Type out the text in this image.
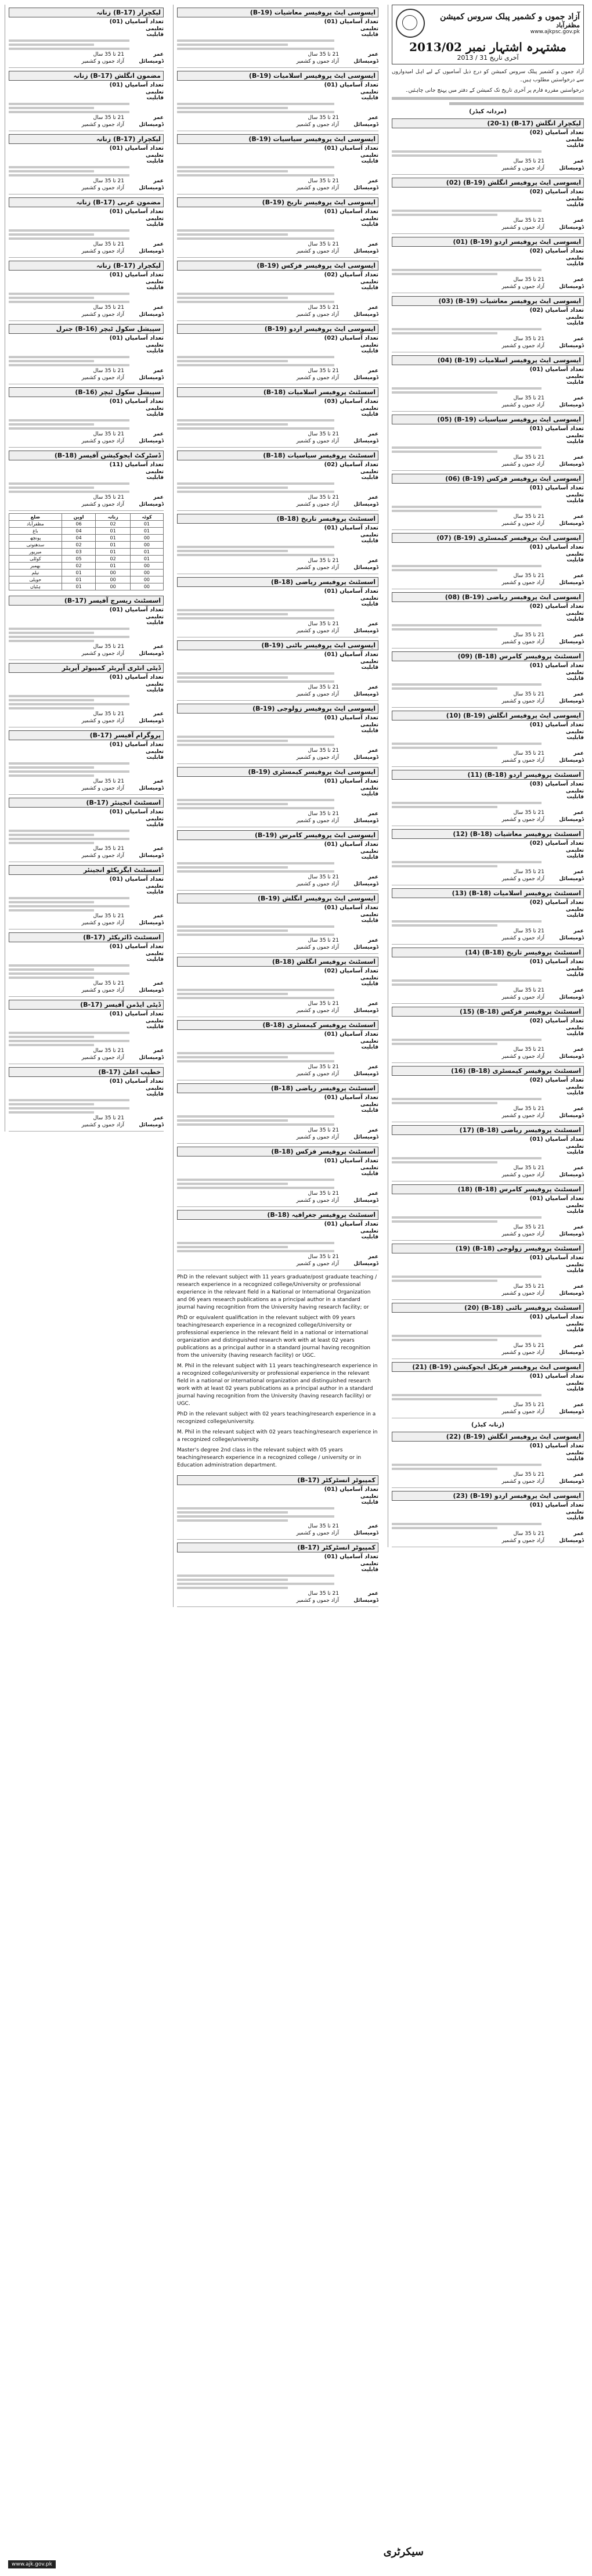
آزاد جموں و کشمیر پبلک سروس کمیشن
مظفرآباد
www.ajkpsc.gov.pk
مشتہرہ اشتہار نمبر 2013/02
آخری تاریخ 31 / 2013

آزاد جموں و کشمیر پبلک سروس کمیشن کو درج ذیل آسامیوں کے لیے اہل امیدواروں سے درخواستیں مطلوب ہیں۔

درخواستیں مقررہ فارم پر آخری تاریخ تک کمیشن کے دفتر میں پہنچ جانی چاہئیں۔

(مردانہ کیڈر)
لیکچرار انگلش (B-17) (20-1)
تعداد آسامیاں (02)
تعلیمی قابلیت
عمر
21 تا 35 سال
ڈومیسائل
آزاد جموں و کشمیر
ایسوسی ایٹ پروفیسر انگلش (B-19) (02)
تعداد آسامیاں (02)
تعلیمی قابلیت
عمر
21 تا 35 سال
ڈومیسائل
آزاد جموں و کشمیر
ایسوسی ایٹ پروفیسر اردو (B-19) (01)
تعداد آسامیاں (02)
تعلیمی قابلیت
عمر
21 تا 35 سال
ڈومیسائل
آزاد جموں و کشمیر
ایسوسی ایٹ پروفیسر معاشیات (B-19) (03)
تعداد آسامیاں (02)
تعلیمی قابلیت
عمر
21 تا 35 سال
ڈومیسائل
آزاد جموں و کشمیر
ایسوسی ایٹ پروفیسر اسلامیات (B-19) (04)
تعداد آسامیاں (01)
تعلیمی قابلیت
عمر
21 تا 35 سال
ڈومیسائل
آزاد جموں و کشمیر
ایسوسی ایٹ پروفیسر سیاسیات (B-19) (05)
تعداد آسامیاں (01)
تعلیمی قابلیت
عمر
21 تا 35 سال
ڈومیسائل
آزاد جموں و کشمیر
ایسوسی ایٹ پروفیسر فزکس (B-19) (06)
تعداد آسامیاں (01)
تعلیمی قابلیت
عمر
21 تا 35 سال
ڈومیسائل
آزاد جموں و کشمیر
ایسوسی ایٹ پروفیسر کیمسٹری (B-19) (07)
تعداد آسامیاں (01)
تعلیمی قابلیت
عمر
21 تا 35 سال
ڈومیسائل
آزاد جموں و کشمیر
ایسوسی ایٹ پروفیسر ریاضی (B-19) (08)
تعداد آسامیاں (02)
تعلیمی قابلیت
عمر
21 تا 35 سال
ڈومیسائل
آزاد جموں و کشمیر
اسسٹنٹ پروفیسر کامرس (B-18) (09)
تعداد آسامیاں (01)
تعلیمی قابلیت
عمر
21 تا 35 سال
ڈومیسائل
آزاد جموں و کشمیر
ایسوسی ایٹ پروفیسر انگلش (B-19) (10)
تعداد آسامیاں (01)
تعلیمی قابلیت
عمر
21 تا 35 سال
ڈومیسائل
آزاد جموں و کشمیر
اسسٹنٹ پروفیسر اردو (B-18) (11)
تعداد آسامیاں (03)
تعلیمی قابلیت
عمر
21 تا 35 سال
ڈومیسائل
آزاد جموں و کشمیر
اسسٹنٹ پروفیسر معاشیات (B-18) (12)
تعداد آسامیاں (02)
تعلیمی قابلیت
عمر
21 تا 35 سال
ڈومیسائل
آزاد جموں و کشمیر
اسسٹنٹ پروفیسر اسلامیات (B-18) (13)
تعداد آسامیاں (02)
تعلیمی قابلیت
عمر
21 تا 35 سال
ڈومیسائل
آزاد جموں و کشمیر
اسسٹنٹ پروفیسر تاریخ (B-18) (14)
تعداد آسامیاں (01)
تعلیمی قابلیت
عمر
21 تا 35 سال
ڈومیسائل
آزاد جموں و کشمیر
اسسٹنٹ پروفیسر فزکس (B-18) (15)
تعداد آسامیاں (02)
تعلیمی قابلیت
عمر
21 تا 35 سال
ڈومیسائل
آزاد جموں و کشمیر
اسسٹنٹ پروفیسر کیمسٹری (B-18) (16)
تعداد آسامیاں (02)
تعلیمی قابلیت
عمر
21 تا 35 سال
ڈومیسائل
آزاد جموں و کشمیر
اسسٹنٹ پروفیسر ریاضی (B-18) (17)
تعداد آسامیاں (01)
تعلیمی قابلیت
عمر
21 تا 35 سال
ڈومیسائل
آزاد جموں و کشمیر
اسسٹنٹ پروفیسر کامرس (B-18) (18)
تعداد آسامیاں (01)
تعلیمی قابلیت
عمر
21 تا 35 سال
ڈومیسائل
آزاد جموں و کشمیر
اسسٹنٹ پروفیسر زولوجی (B-18) (19)
تعداد آسامیاں (01)
تعلیمی قابلیت
عمر
21 تا 35 سال
ڈومیسائل
آزاد جموں و کشمیر
اسسٹنٹ پروفیسر باٹنی (B-18) (20)
تعداد آسامیاں (01)
تعلیمی قابلیت
عمر
21 تا 35 سال
ڈومیسائل
آزاد جموں و کشمیر
ایسوسی ایٹ پروفیسر فزیکل ایجوکیشن (B-19) (21)
تعداد آسامیاں (01)
تعلیمی قابلیت
عمر
21 تا 35 سال
ڈومیسائل
آزاد جموں و کشمیر
(زنانہ کیڈر)
ایسوسی ایٹ پروفیسر انگلش (B-19) (22)
تعداد آسامیاں (01)
تعلیمی قابلیت
عمر
21 تا 35 سال
ڈومیسائل
آزاد جموں و کشمیر
ایسوسی ایٹ پروفیسر اردو (B-19) (23)
تعداد آسامیاں (01)
تعلیمی قابلیت
عمر
21 تا 35 سال
ڈومیسائل
آزاد جموں و کشمیر
ایسوسی ایٹ پروفیسر معاشیات (B-19)
تعداد آسامیاں (01)
تعلیمی قابلیت
عمر
21 تا 35 سال
ڈومیسائل
آزاد جموں و کشمیر
ایسوسی ایٹ پروفیسر اسلامیات (B-19)
تعداد آسامیاں (01)
تعلیمی قابلیت
عمر
21 تا 35 سال
ڈومیسائل
آزاد جموں و کشمیر
ایسوسی ایٹ پروفیسر سیاسیات (B-19)
تعداد آسامیاں (01)
تعلیمی قابلیت
عمر
21 تا 35 سال
ڈومیسائل
آزاد جموں و کشمیر
ایسوسی ایٹ پروفیسر تاریخ (B-19)
تعداد آسامیاں (01)
تعلیمی قابلیت
عمر
21 تا 35 سال
ڈومیسائل
آزاد جموں و کشمیر
ایسوسی ایٹ پروفیسر فزکس (B-19)
تعداد آسامیاں (02)
تعلیمی قابلیت
عمر
21 تا 35 سال
ڈومیسائل
آزاد جموں و کشمیر
ایسوسی ایٹ پروفیسر اردو (B-19)
تعداد آسامیاں (02)
تعلیمی قابلیت
عمر
21 تا 35 سال
ڈومیسائل
آزاد جموں و کشمیر
اسسٹنٹ پروفیسر اسلامیات (B-18)
تعداد آسامیاں (03)
تعلیمی قابلیت
عمر
21 تا 35 سال
ڈومیسائل
آزاد جموں و کشمیر
اسسٹنٹ پروفیسر سیاسیات (B-18)
تعداد آسامیاں (02)
تعلیمی قابلیت
عمر
21 تا 35 سال
ڈومیسائل
آزاد جموں و کشمیر
اسسٹنٹ پروفیسر تاریخ (B-18)
تعداد آسامیاں (01)
تعلیمی قابلیت
عمر
21 تا 35 سال
ڈومیسائل
آزاد جموں و کشمیر
اسسٹنٹ پروفیسر ریاضی (B-18)
تعداد آسامیاں (01)
تعلیمی قابلیت
عمر
21 تا 35 سال
ڈومیسائل
آزاد جموں و کشمیر
ایسوسی ایٹ پروفیسر باٹنی (B-19)
تعداد آسامیاں (01)
تعلیمی قابلیت
عمر
21 تا 35 سال
ڈومیسائل
آزاد جموں و کشمیر
ایسوسی ایٹ پروفیسر زولوجی (B-19)
تعداد آسامیاں (01)
تعلیمی قابلیت
عمر
21 تا 35 سال
ڈومیسائل
آزاد جموں و کشمیر
ایسوسی ایٹ پروفیسر کیمسٹری (B-19)
تعداد آسامیاں (01)
تعلیمی قابلیت
عمر
21 تا 35 سال
ڈومیسائل
آزاد جموں و کشمیر
ایسوسی ایٹ پروفیسر کامرس (B-19)
تعداد آسامیاں (01)
تعلیمی قابلیت
عمر
21 تا 35 سال
ڈومیسائل
آزاد جموں و کشمیر
ایسوسی ایٹ پروفیسر انگلش (B-19)
تعداد آسامیاں (01)
تعلیمی قابلیت
عمر
21 تا 35 سال
ڈومیسائل
آزاد جموں و کشمیر
اسسٹنٹ پروفیسر انگلش (B-18)
تعداد آسامیاں (02)
تعلیمی قابلیت
عمر
21 تا 35 سال
ڈومیسائل
آزاد جموں و کشمیر
اسسٹنٹ پروفیسر کیمسٹری (B-18)
تعداد آسامیاں (01)
تعلیمی قابلیت
عمر
21 تا 35 سال
ڈومیسائل
آزاد جموں و کشمیر
اسسٹنٹ پروفیسر ریاضی (B-18)
تعداد آسامیاں (01)
تعلیمی قابلیت
عمر
21 تا 35 سال
ڈومیسائل
آزاد جموں و کشمیر
اسسٹنٹ پروفیسر فزکس (B-18)
تعداد آسامیاں (01)
تعلیمی قابلیت
عمر
21 تا 35 سال
ڈومیسائل
آزاد جموں و کشمیر
اسسٹنٹ پروفیسر جغرافیہ (B-18)
تعداد آسامیاں (01)
تعلیمی قابلیت
عمر
21 تا 35 سال
ڈومیسائل
آزاد جموں و کشمیر

PhD in the relevant subject with 11 years graduate/post graduate teaching / research experience in a recognized college/University or professional experience in the relevant field in a National or International Organization and 06 years research publications as a principal author in a standard journal having recognition from the University having research facility; or

PhD or equivalent qualification in the relevant subject with 09 years teaching/research experience in a recognized college/University or professional experience in the relevant field in a national or international organization and distinguished research work with at least 02 years publications as a principal author in a standard journal having recognition from the university (having research facility) or UGC.

M. Phil in the relevant subject with 11 years teaching/research experience in a recognized college/university or professional experience in the relevant field in a national or international organization and distinguished research work with at least 02 years publications as a principal author in a standard journal having recognition from the University (having research facility) or UGC.

PhD in the relevant subject with 02 years teaching/research experience in a recognized college/university.

M. Phil in the relevant subject with 02 years teaching/research experience in a recognized college/university.

Master's degree 2nd class in the relevant subject with 05 years teaching/research experience in a recognized college / university or in Education administration department.

کمپیوٹر انسٹرکٹر (B-17)
تعداد آسامیاں (01)
تعلیمی قابلیت
عمر
21 تا 35 سال
ڈومیسائل
آزاد جموں و کشمیر
کمپیوٹر انسٹرکٹر (B-17)
تعداد آسامیاں (01)
تعلیمی قابلیت
عمر
21 تا 35 سال
ڈومیسائل
آزاد جموں و کشمیر
لیکچرار (B-17) زنانہ
تعداد آسامیاں (01)
تعلیمی قابلیت
عمر
21 تا 35 سال
ڈومیسائل
آزاد جموں و کشمیر
مضمون انگلش (B-17) زنانہ
تعداد آسامیاں (01)
تعلیمی قابلیت
عمر
21 تا 35 سال
ڈومیسائل
آزاد جموں و کشمیر
لیکچرار (B-17) زنانہ
تعداد آسامیاں (01)
تعلیمی قابلیت
عمر
21 تا 35 سال
ڈومیسائل
آزاد جموں و کشمیر
مضمون عربی (B-17) زنانہ
تعداد آسامیاں (01)
تعلیمی قابلیت
عمر
21 تا 35 سال
ڈومیسائل
آزاد جموں و کشمیر
لیکچرار (B-17) زنانہ
تعداد آسامیاں (01)
تعلیمی قابلیت
عمر
21 تا 35 سال
ڈومیسائل
آزاد جموں و کشمیر
سپیشل سکول ٹیچر (B-16) جنرل
تعداد آسامیاں (01)
تعلیمی قابلیت
عمر
21 تا 35 سال
ڈومیسائل
آزاد جموں و کشمیر
سپیشل سکول ٹیچر (B-16)
تعداد آسامیاں (01)
تعلیمی قابلیت
عمر
21 تا 35 سال
ڈومیسائل
آزاد جموں و کشمیر
ڈسٹرکٹ ایجوکیشن آفیسر (B-18)
تعداد آسامیاں (11)
تعلیمی قابلیت
عمر
21 تا 35 سال
ڈومیسائل
آزاد جموں و کشمیر
ضلع	اوپن	زنانہ	کوٹہ
مظفرآباد	06	02	01
باغ	04	01	01
پونچھ	04	01	00
سدھنوتی	02	01	00
میرپور	03	01	01
کوٹلی	05	02	01
بھمبر	02	01	00
نیلم	01	00	00
حویلی	01	00	00
ہٹیاں	01	00	00
اسسٹنٹ ریسرچ آفیسر (B-17)
تعداد آسامیاں (01)
تعلیمی قابلیت
عمر
21 تا 35 سال
ڈومیسائل
آزاد جموں و کشمیر
ڈپٹی انٹری آپریٹر کمپیوٹر آپریٹر
تعداد آسامیاں (01)
تعلیمی قابلیت
عمر
21 تا 35 سال
ڈومیسائل
آزاد جموں و کشمیر
پروگرام آفیسر (B-17)
تعداد آسامیاں (01)
تعلیمی قابلیت
عمر
21 تا 35 سال
ڈومیسائل
آزاد جموں و کشمیر
اسسٹنٹ انجینئر (B-17)
تعداد آسامیاں (01)
تعلیمی قابلیت
عمر
21 تا 35 سال
ڈومیسائل
آزاد جموں و کشمیر
اسسٹنٹ ایگزیکٹو انجینئر
تعداد آسامیاں (01)
تعلیمی قابلیت
عمر
21 تا 35 سال
ڈومیسائل
آزاد جموں و کشمیر
اسسٹنٹ ڈائریکٹر (B-17)
تعداد آسامیاں (01)
تعلیمی قابلیت
عمر
21 تا 35 سال
ڈومیسائل
آزاد جموں و کشمیر
ڈپٹی ایڈمن آفیسر (B-17)
تعداد آسامیاں (01)
تعلیمی قابلیت
عمر
21 تا 35 سال
ڈومیسائل
آزاد جموں و کشمیر
خطیب اعلیٰ (B-17)
تعداد آسامیاں (01)
تعلیمی قابلیت
عمر
21 تا 35 سال
ڈومیسائل
آزاد جموں و کشمیر
سیکرٹری
www.ajk.gov.pk
